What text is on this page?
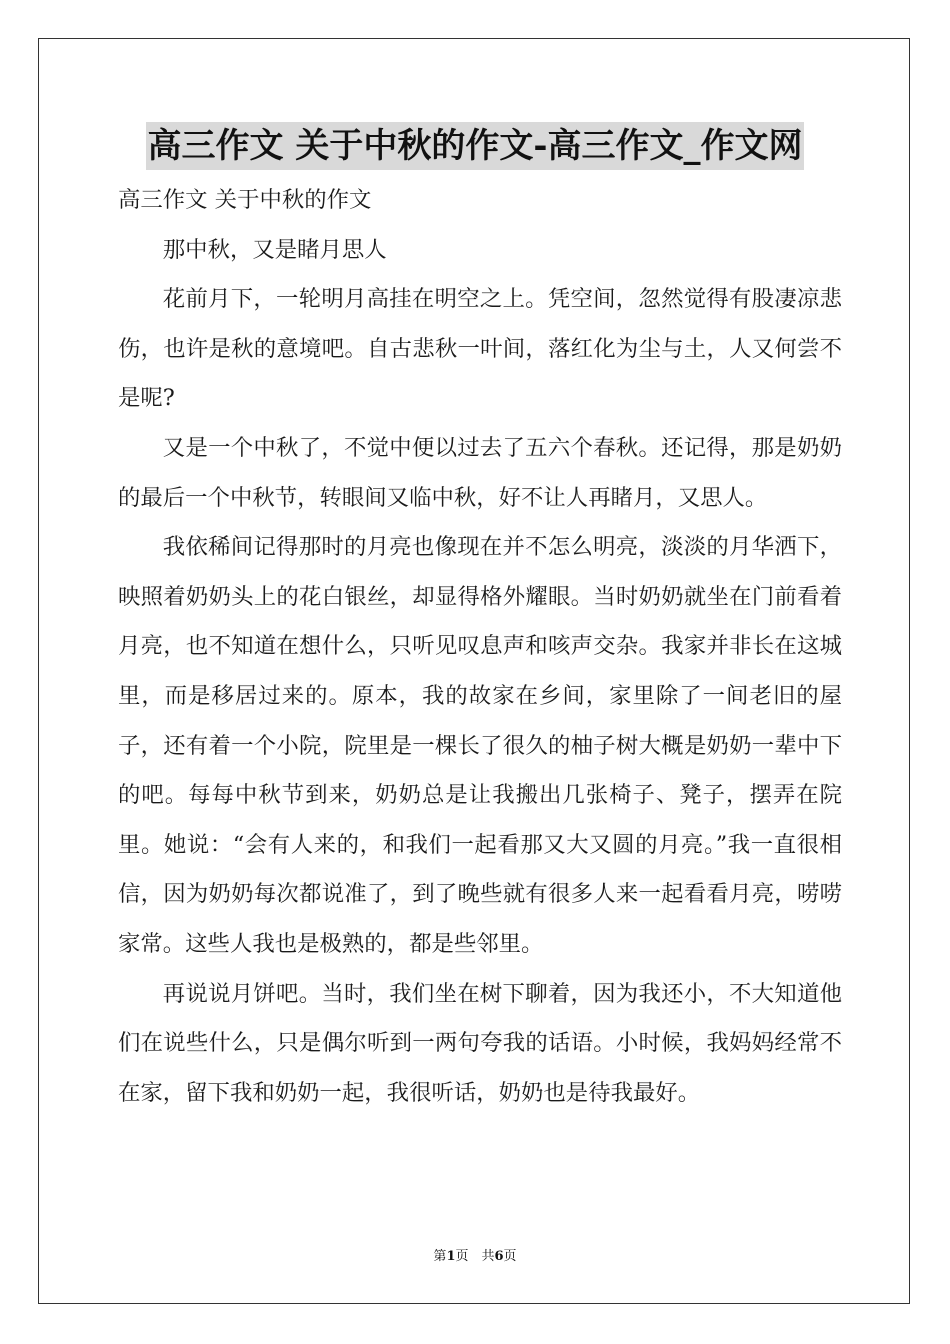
高三作文 关于中秋的作文-高三作文_作文网

高三作文 关于中秋的作文

那中秋，又是睹月思人

花前月下，一轮明月高挂在明空之上。凭空间，忽然觉得有股凄凉悲伤，也许是秋的意境吧。自古悲秋一叶间，落红化为尘与土，人又何尝不是呢?

又是一个中秋了，不觉中便以过去了五六个春秋。还记得，那是奶奶的最后一个中秋节，转眼间又临中秋，好不让人再睹月，又思人。

我依稀间记得那时的月亮也像现在并不怎么明亮，淡淡的月华洒下，映照着奶奶头上的花白银丝，却显得格外耀眼。当时奶奶就坐在门前看着月亮，也不知道在想什么，只听见叹息声和咳声交杂。我家并非长在这城里，而是移居过来的。原本，我的故家在乡间，家里除了一间老旧的屋子，还有着一个小院，院里是一棵长了很久的柚子树大概是奶奶一辈中下的吧。每每中秋节到来，奶奶总是让我搬出几张椅子、凳子，摆弄在院里。她说：“会有人来的，和我们一起看那又大又圆的月亮。”我一直很相信，因为奶奶每次都说准了，到了晚些就有很多人来一起看看月亮，唠唠家常。这些人我也是极熟的，都是些邻里。

再说说月饼吧。当时，我们坐在树下聊着，因为我还小，不大知道他们在说些什么，只是偶尔听到一两句夸我的话语。小时候，我妈妈经常不在家，留下我和奶奶一起，我很听话，奶奶也是待我最好。

第1页　共6页
